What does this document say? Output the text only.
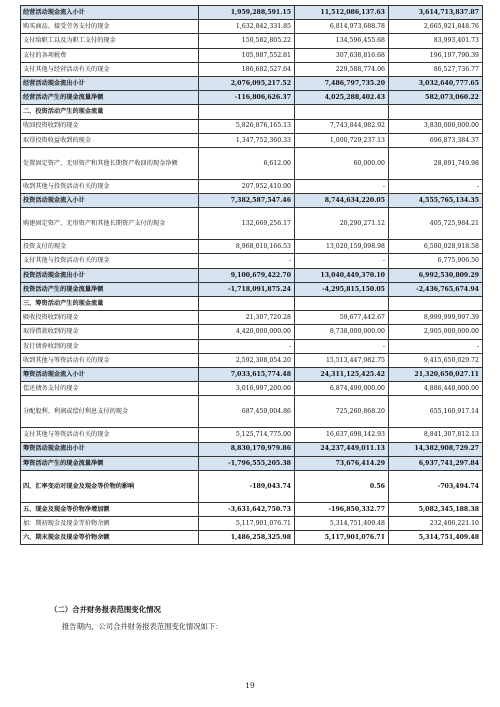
经营活动现金流入小计	1,959,288,591.15	11,512,086,137.63	3,614,713,837.87
购买商品、接受劳务支付的现金	1,632,842,331.85	6,814,973,688.78	2,665,921,848.76
支付给职工以及为职工支付的现金	150,582,805.22	134,596,455.68	83,993,401.73
支付的各项税费	105,987,552.81	307,638,816.68	196,197,790.39
支付其他与经营活动有关的现金	186,682,527.64	229,588,774.06	86,527,736.77
经营活动现金流出小计	2,076,095,217.52	7,486,797,735.20	3,032,640,777.65
经营活动产生的现金流量净额	-116,806,626.37	4,025,288,402.43	582,073,060.22
二、投资活动产生的现金流量			
收回投资收到的现金	5,826,876,165.13	7,743,844,982.92	3,830,000,000.00
取得投资收益收到的现金	1,347,752,360.33	1,000,729,237.13	696,873,384.37
处置固定资产、无形资产和其他长期资产收回的现金净额	6,612.00	60,000.00	28,891,749.98
收到其他与投资活动有关的现金	207,952,410.00	-	-
投资活动现金流入小计	7,382,587,547.46	8,744,634,220.05	4,555,765,134.35
购建固定资产、无形资产和其他长期资产支付的现金	132,669,256.17	20,290,271.12	405,725,984.21
投资支付的现金	8,968,010,166.53	13,020,159,098.98	6,580,028,918.58
支付其他与投资活动有关的现金	-	-	6,775,906.50
投资活动现金流出小计	9,100,679,422.70	13,040,449,370.10	6,992,530,809.29
投资活动产生的现金流量净额	-1,718,091,875.24	-4,295,815,150.05	-2,436,765,674.94
三、筹资活动产生的现金流量			
吸收投资收到的现金	21,307,720.28	59,677,442.67	8,999,999,997.39
取得借款收到的现金	4,420,000,000.00	8,738,000,000.00	2,905,000,000.00
发行债券收到的现金	-	-	-
收到其他与筹资活动有关的现金	2,592,308,054.20	15,513,447,982.75	9,415,650,029.72
筹资活动现金流入小计	7,033,615,774.48	24,311,125,425.42	21,320,650,027.11
偿还债务支付的现金	3,016,997,200.00	6,874,490,000.00	4,886,440,000.00
分配股利、利润或偿付利息支付的现金	687,459,004.86	725,260,868.20	655,160,917.14
支付其他与筹资活动有关的现金	5,125,714,775.00	16,637,698,142.93	8,841,307,812.13
筹资活动现金流出小计	8,830,170,979.86	24,237,449,011.13	14,382,908,729.27
筹资活动产生的现金流量净额	-1,796,555,205.38	73,676,414.29	6,937,741,297.84
四、汇率变动对现金及现金等价物的影响	-189,043.74	0.56	-703,494.74
五、现金及现金等价物净增加额	-3,631,642,750.73	-196,850,332.77	5,082,345,188.38
加：期初现金及现金等价物余额	5,117,901,076.71	5,314,751,409.48	232,406,221.10
六、期末现金及现金等价物余额	1,486,258,325.98	5,117,901,076.71	5,314,751,409.48

（二）合并财务报表范围变化情况

报告期内，公司合并财务报表范围变化情况如下：

19
